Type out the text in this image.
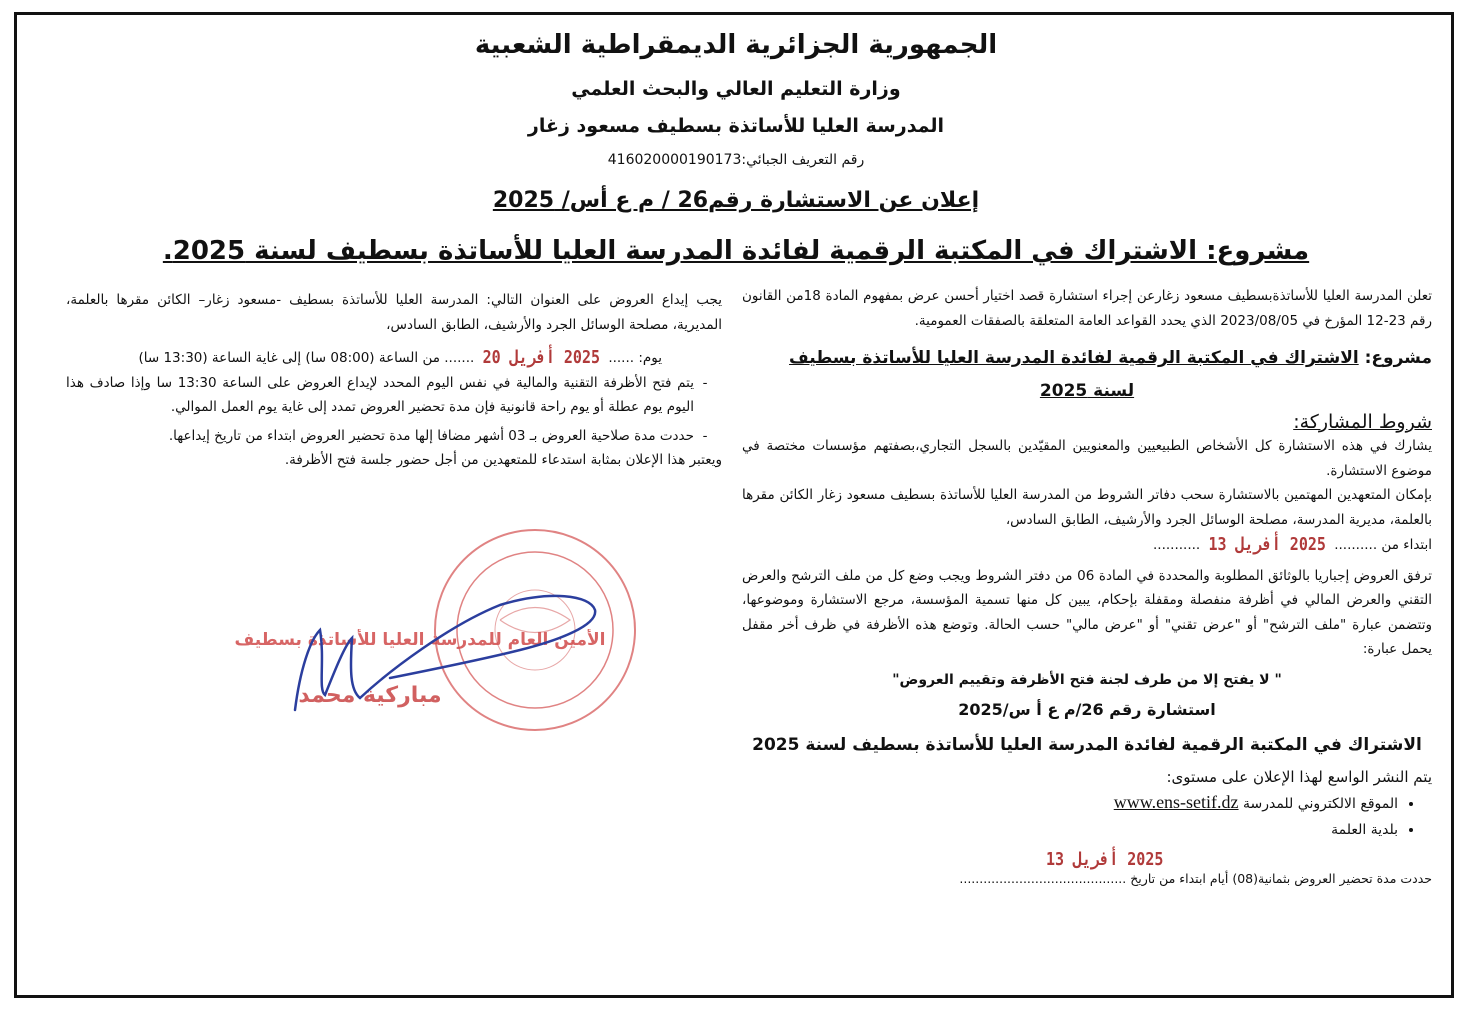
الجمهورية الجزائرية الديمقراطية الشعبية
وزارة التعليم العالي والبحث العلمي
المدرسة العليا للأساتذة بسطيف مسعود زغار
رقم التعريف الجبائي:416020000190173
إعلان عن الاستشارة رقم26 / م ع أس/ 2025
مشروع: الاشتراك في المكتبة الرقمية لفائدة المدرسة العليا للأساتذة بسطيف لسنة 2025.

تعلن المدرسة العليا للأساتذةبسطيف مسعود زغارعن إجراء استشارة قصد اختيار أحسن عرض بمفهوم المادة 18من القانون رقم 23-12 المؤرخ في 2023/08/05 الذي يحدد القواعد العامة المتعلقة بالصفقات العمومية.

مشروع: الاشتراك في المكتبة الرقمية لفائدة المدرسة العليا للأساتذة بسطيف

لسنة 2025
شروط المشاركة:

يشارك في هذه الاستشارة كل الأشخاص الطبيعيين والمعنويين المقيّدين بالسجل التجاري،بصفتهم مؤسسات مختصة في موضوع الاستشارة.

بإمكان المتعهدين المهتمين بالاستشارة سحب دفاتر الشروط من المدرسة العليا للأساتذة بسطيف مسعود زغار الكائن مقرها بالعلمة، مديرية المدرسة، مصلحة الوسائل الجرد والأرشيف، الطابق السادس،

ابتداء من .......... 2025 أفريل 13 ...........

ترفق العروض إجباريا بالوثائق المطلوبة والمحددة في المادة 06 من دفتر الشروط ويجب وضع كل من ملف الترشح والعرض التقني والعرض المالي في أظرفة منفصلة ومقفلة بإحكام، يبين كل منها تسمية المؤسسة، مرجع الاستشارة وموضوعها، وتتضمن عبارة "ملف الترشح" أو "عرض تقني" أو "عرض مالي" حسب الحالة. وتوضع هذه الأظرفة في ظرف أخر مقفل يحمل عبارة:

" لا يفتح إلا من طرف لجنة فتح الأظرفة وتقييم العروض"
استشارة رقم 26/م ع أ س/2025
الاشتراك في المكتبة الرقمية لفائدة المدرسة العليا للأساتذة بسطيف لسنة 2025
يتم النشر الواسع لهذا الإعلان على مستوى:
• الموقع الالكتروني للمدرسة www.ens-setif.dz
• بلدية العلمة
2025 أفريل 13
حددت مدة تحضير العروض بثمانية(08) أيام ابتداء من تاريخ ..........................................

يجب إيداع العروض على العنوان التالي: المدرسة العليا للأساتذة بسطيف -مسعود زغار– الكائن مقرها بالعلمة، المديرية، مصلحة الوسائل الجرد والأرشيف، الطابق السادس،

يوم: ...... 2025 أفريل 20 ....... من الساعة (08:00 سا) إلى غاية الساعة (13:30 سا)

- يتم فتح الأظرفة التقنية والمالية في نفس اليوم المحدد لإيداع العروض على الساعة 13:30 سا وإذا صادف هذا اليوم يوم عطلة أو يوم راحة قانونية فإن مدة تحضير العروض تمدد إلى غاية يوم العمل الموالي.
- حددت مدة صلاحية العروض بـ 03 أشهر مضافا إلها مدة تحضير العروض ابتداء من تاريخ إيداعها.

ويعتبر هذا الإعلان بمثابة استدعاء للمتعهدين من أجل حضور جلسة فتح الأظرفة.

الأمين العام للمدرسة العليا للأساتذة بسطيف
مباركية محمد
